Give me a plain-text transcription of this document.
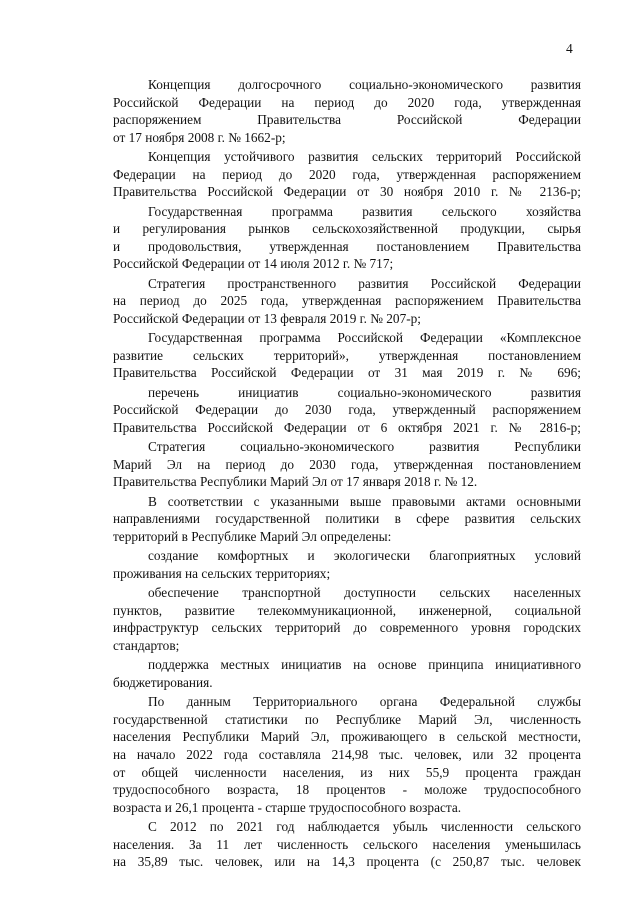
4
Концепция долгосрочного социально-экономического развития
Российской Федерации на период до 2020 года, утвержденная
распоряжением Правительства Российской Федерации
от 17 ноября 2008 г. № 1662-р;
Концепция устойчивого развития сельских территорий Российской
Федерации на период до 2020 года, утвержденная распоряжением
Правительства Российской Федерации от 30 ноября 2010 г. № 2136-р;
Государственная программа развития сельского хозяйства
и регулирования рынков сельскохозяйственной продукции, сырья
и продовольствия, утвержденная постановлением Правительства
Российской Федерации от 14 июля 2012 г. № 717;
Стратегия пространственного развития Российской Федерации
на период до 2025 года, утвержденная распоряжением Правительства
Российской Федерации от 13 февраля 2019 г. № 207-р;
Государственная программа Российской Федерации «Комплексное
развитие сельских территорий», утвержденная постановлением
Правительства Российской Федерации от 31 мая 2019 г. № 696;
перечень инициатив социально-экономического развития
Российской Федерации до 2030 года, утвержденный распоряжением
Правительства Российской Федерации от 6 октября 2021 г. № 2816-р;
Стратегия социально-экономического развития Республики
Марий Эл на период до 2030 года, утвержденная постановлением
Правительства Республики Марий Эл от 17 января 2018 г. № 12.
В соответствии с указанными выше правовыми актами основными
направлениями государственной политики в сфере развития сельских
территорий в Республике Марий Эл определены:
создание комфортных и экологически благоприятных условий
проживания на сельских территориях;
обеспечение транспортной доступности сельских населенных
пунктов, развитие телекоммуникационной, инженерной, социальной
инфраструктур сельских территорий до современного уровня городских
стандартов;
поддержка местных инициатив на основе принципа инициативного
бюджетирования.
По данным Территориального органа Федеральной службы
государственной статистики по Республике Марий Эл, численность
населения Республики Марий Эл, проживающего в сельской местности,
на начало 2022 года составляла 214,98 тыс. человек, или 32 процента
от общей численности населения, из них 55,9 процента граждан
трудоспособного возраста, 18 процентов - моложе трудоспособного
возраста и 26,1 процента - старше трудоспособного возраста.
С 2012 по 2021 год наблюдается убыль численности сельского
населения. За 11 лет численность сельского населения уменьшилась
на 35,89 тыс. человек, или на 14,3 процента (с 250,87 тыс. человек
